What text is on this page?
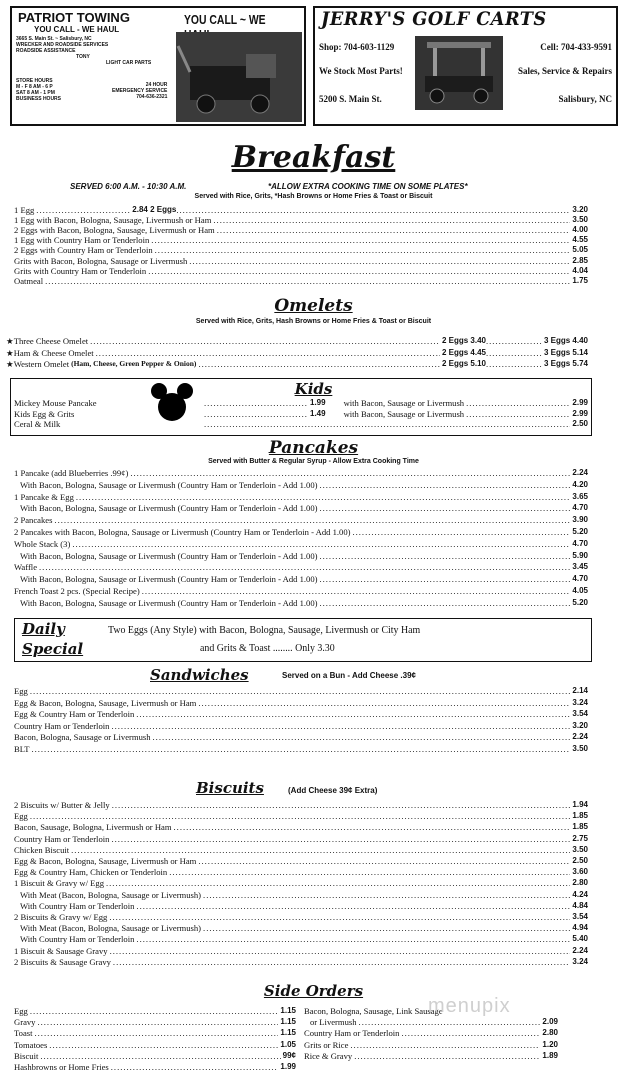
PATRIOT TOWING
YOU CALL - WE HAUL
YOU CALL ~ WE
3665 S. Main St. ~ Salisbury, NC
WRECKER AND ROADSIDE SERVICES
ROADSIDE ASSISTANCE
TONY
LIGHT CAR PARTS
STORE HOURS
M - F 8 AM - 6 P
SAT 8 AM - 1 PM
BUSINESS HOURS
24 HOUR
EMERGENCY SERVICE
704-636-2321
JERRY'S GOLF CARTS
Shop: 704-603-1129	Cell: 704-433-9591
We Stock Most Parts!	Sales, Service & Repairs
5200 S. Main St.	Salisbury, NC
Breakfast
SERVED 6:00 A.M. - 10:30 A.M.	*ALLOW EXTRA COOKING TIME ON SOME PLATES*
Served with Rice, Grits, *Hash Browns or Home Fries & Toast or Biscuit
1 Egg .....	2.84 2 Eggs .....	3.20
1 Egg with Bacon, Bologna, Sausage, Livermush or Ham .....	3.50
2 Eggs with Bacon, Bologna, Sausage, Livermush or Ham .....	4.00
1 Egg with Country Ham or Tenderloin .....	4.55
2 Eggs with Country Ham or Tenderloin .....	5.05
Grits with Bacon, Bologna, Sausage or Livermush .....	2.85
Grits with Country Ham or Tenderloin .....	4.04
Oatmeal .....	1.75
Omelets
Served with Rice, Grits, Hash Browns or Home Fries & Toast or Biscuit
★Three Cheese Omelet .....	2 Eggs 3.40 .....	3 Eggs 4.40
★Ham & Cheese Omelet .....	2 Eggs 4.45 .....	3 Eggs 5.14
★Western Omelet (Ham, Cheese, Green Pepper & Onion) .....	2 Eggs 5.10 .....	3 Eggs 5.74
Kids
Mickey Mouse Pancake .....	1.99	with Bacon, Sausage or Livermush .....	2.99
Kids Egg & Grits .....	1.49	with Bacon, Sausage or Livermush .....	2.99
Ceral & Milk .....	2.50
Pancakes
Served with Butter & Regular Syrup - Allow Extra Cooking Time
1 Pancake (add Blueberries .99¢) .....	2.24
With Bacon, Bologna, Sausage or Livermush (Country Ham or Tenderloin - Add 1.00) .....	4.20
1 Pancake & Egg .....	3.65
With Bacon, Bologna, Sausage or Livermush (Country Ham or Tenderloin - Add 1.00) .....	4.70
2 Pancakes .....	3.90
2 Pancakes with Bacon, Bologna, Sausage or Livermush (Country Ham or Tenderloin - Add 1.00) .....	5.20
Whole Stack (3) .....	4.70
With Bacon, Bologna, Sausage or Livermush (Country Ham or Tenderloin - Add 1.00) .....	5.90
Waffle .....	3.45
With Bacon, Bologna, Sausage or Livermush (Country Ham or Tenderloin - Add 1.00) .....	4.70
French Toast 2 pcs. (Special Recipe) .....	4.05
With Bacon, Bologna, Sausage or Livermush (Country Ham or Tenderloin - Add 1.00) .....	5.20
Daily
Special
Two Eggs (Any Style) with Bacon, Bologna, Sausage, Livermush or City Ham
and Grits & Toast ........ Only 3.30
Sandwiches	Served on a Bun - Add Cheese .39¢
Egg .....	2.14
Egg & Bacon, Bologna, Sausage, Livermush or Ham .....	3.24
Egg & Country Ham or Tenderloin .....	3.54
Country Ham or Tenderloin .....	3.20
Bacon, Bologna, Sausage or Livermush .....	2.24
BLT .....	3.50
Biscuits	(Add Cheese 39¢ Extra)
2 Biscuits w/ Butter & Jelly .....	1.94
Egg .....	1.85
Bacon, Sausage, Bologna, Livermush or Ham .....	1.85
Country Ham or Tenderloin .....	2.75
Chicken Biscuit .....	3.50
Egg & Bacon, Bologna, Sausage, Livermush or Ham .....	2.50
Egg & Country Ham, Chicken or Tenderloin .....	3.60
1 Biscuit & Gravy w/ Egg .....	2.80
With Meat (Bacon, Bologna, Sausage or Livermush) .....	4.24
With Country Ham or Tenderloin .....	4.84
2 Biscuits & Gravy w/ Egg .....	3.54
With Meat (Bacon, Bologna, Sausage or Livermush) .....	4.94
With Country Ham or Tenderloin .....	5.40
1 Biscuit & Sausage Gravy .....	2.24
2 Biscuits & Sausage Gravy .....	3.24
Side Orders
Egg .....	1.15
Gravy .....	1.15
Toast .....	1.15
Tomatoes .....	1.05
Biscuit .....	99¢
Hashbrowns or Home Fries .....	1.99
Bacon, Bologna, Sausage, Link Sausage
or Livermush .....	2.09
Country Ham or Tenderloin .....	2.80
Grits or Rice .....	1.20
Rice & Gravy .....	1.89
menupix
